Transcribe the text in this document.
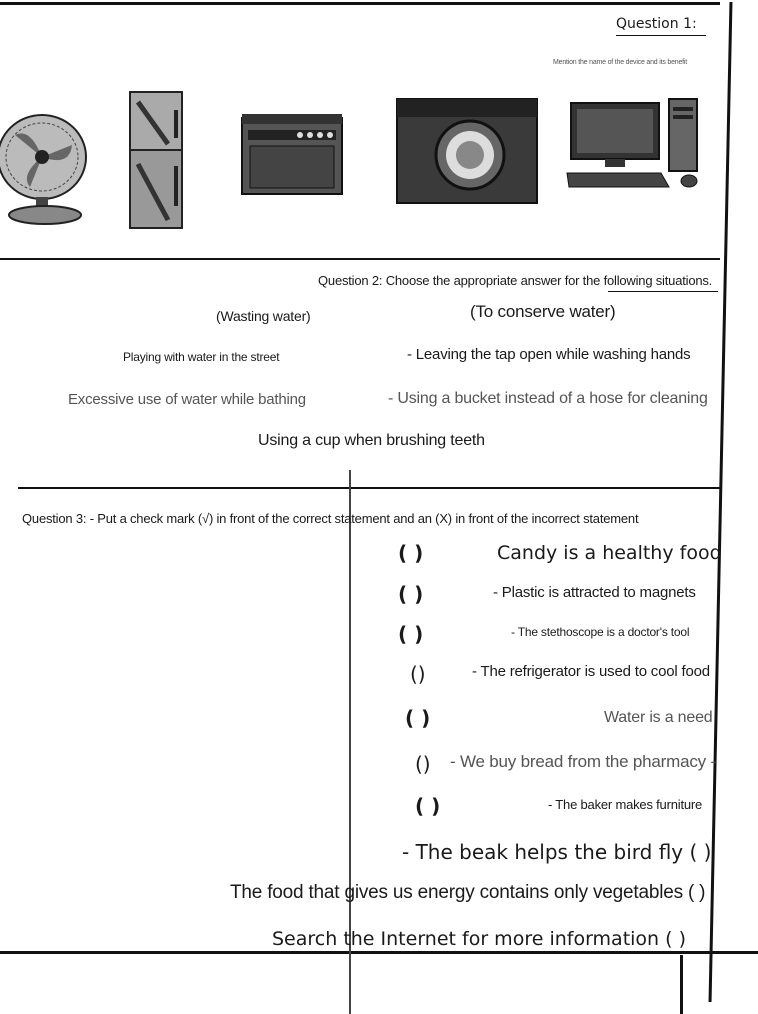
Question 1:
Mention the name of the device and its benefit
Question 2: Choose the appropriate answer for the following situations.
(Wasting water)	(To conserve water)
Playing with water in the street	- Leaving the tap open while washing hands
Excessive use of water while bathing	- Using a bucket instead of a hose for cleaning
Using a cup when brushing teeth
Question 3: - Put a check mark (√) in front of the correct statement and an (X) in front of the incorrect statement
( )	Candy is a healthy food
( )	- Plastic is attracted to magnets
( )	- The stethoscope is a doctor's tool
()	- The refrigerator is used to cool food
( )	Water is a need
() - We buy bread from the pharmacy -
( )	- The baker makes furniture
- The beak helps the bird fly ( )
The food that gives us energy contains only vegetables ( )
Search the Internet for more information ( )
